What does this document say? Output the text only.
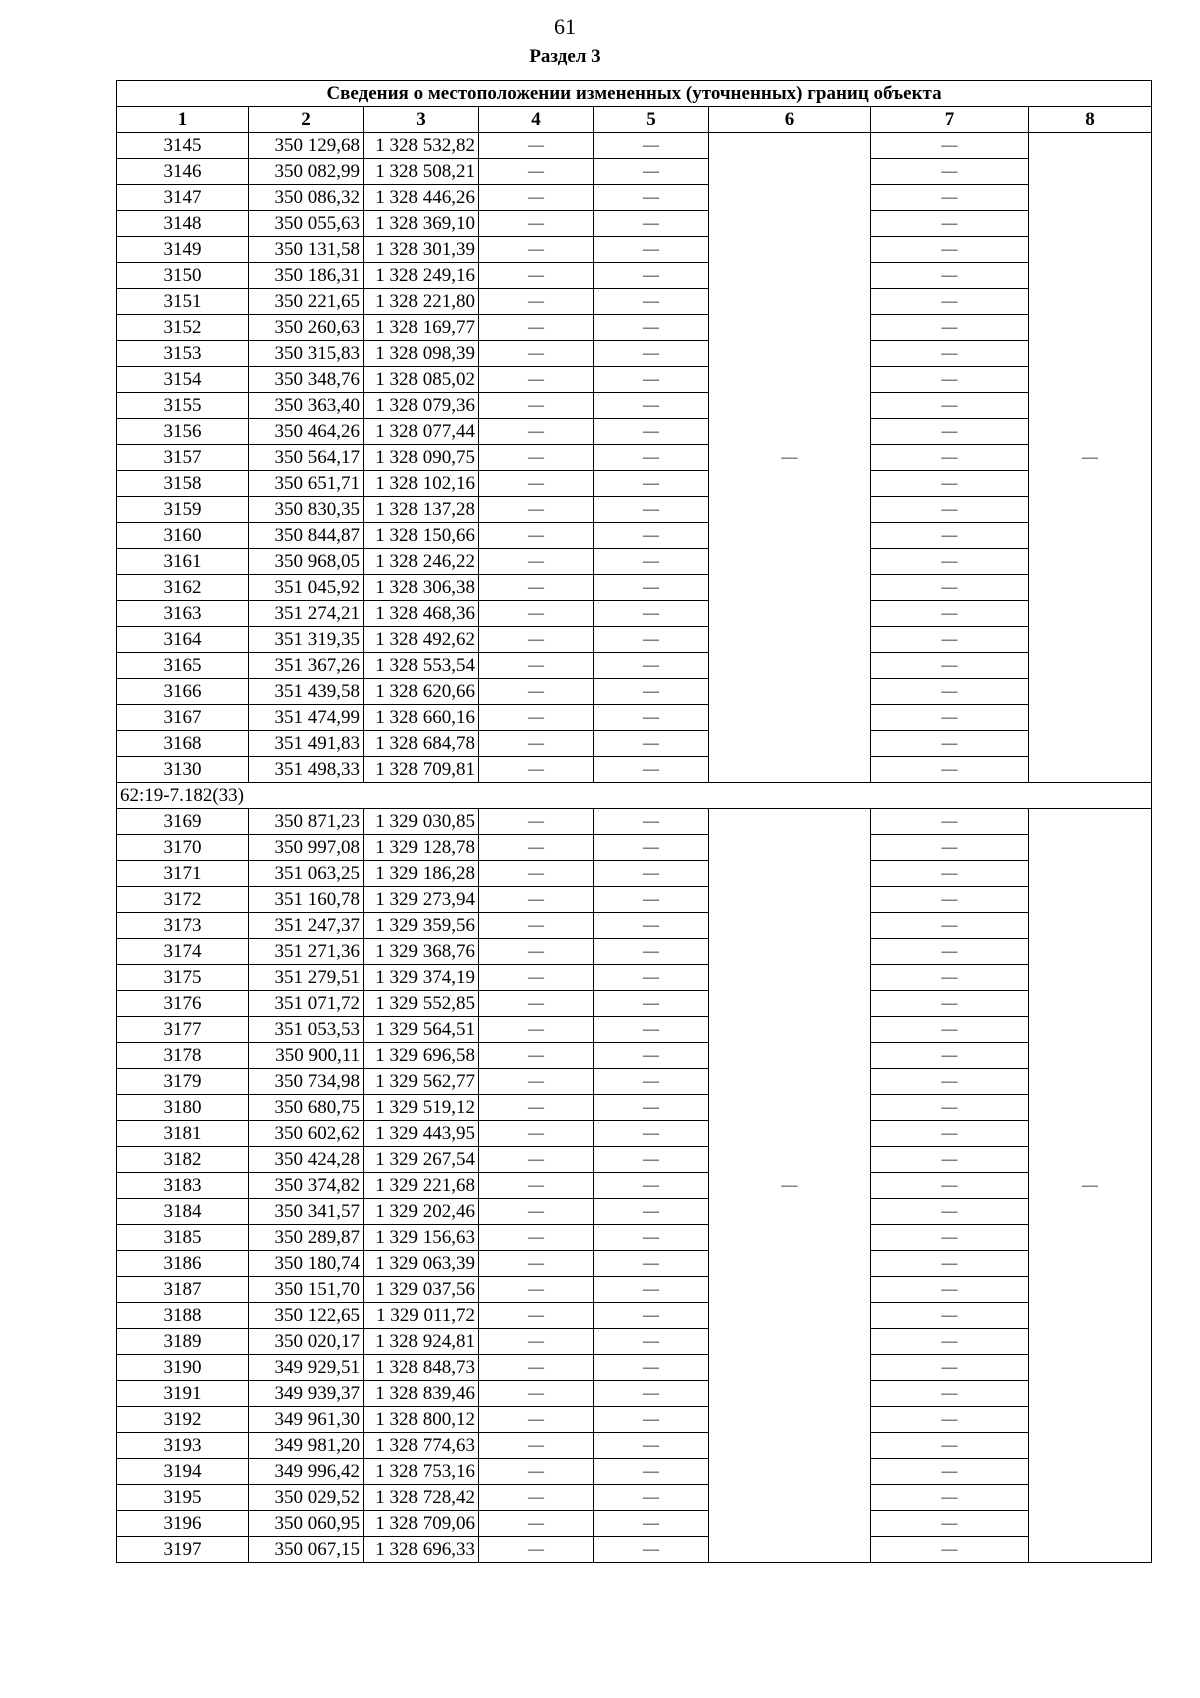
61
Раздел 3
Сведения о местоположении измененных (уточненных) границ объекта							
1	2	3	4	5	6	7	8
3145	350 129,68	1 328 532,82	—	—	—	—	—
3146	350 082,99	1 328 508,21	—	—		—	
3147	350 086,32	1 328 446,26	—	—		—	
3148	350 055,63	1 328 369,10	—	—		—	
3149	350 131,58	1 328 301,39	—	—		—	
3150	350 186,31	1 328 249,16	—	—		—	
3151	350 221,65	1 328 221,80	—	—		—	
3152	350 260,63	1 328 169,77	—	—		—	
3153	350 315,83	1 328 098,39	—	—		—	
3154	350 348,76	1 328 085,02	—	—		—	
3155	350 363,40	1 328 079,36	—	—		—	
3156	350 464,26	1 328 077,44	—	—		—	
3157	350 564,17	1 328 090,75	—	—		—	
3158	350 651,71	1 328 102,16	—	—		—	
3159	350 830,35	1 328 137,28	—	—		—	
3160	350 844,87	1 328 150,66	—	—		—	
3161	350 968,05	1 328 246,22	—	—		—	
3162	351 045,92	1 328 306,38	—	—		—	
3163	351 274,21	1 328 468,36	—	—		—	
3164	351 319,35	1 328 492,62	—	—		—	
3165	351 367,26	1 328 553,54	—	—		—	
3166	351 439,58	1 328 620,66	—	—		—	
3167	351 474,99	1 328 660,16	—	—		—	
3168	351 491,83	1 328 684,78	—	—		—	
3130	351 498,33	1 328 709,81	—	—		—	
62:19-7.182(33)							
3169	350 871,23	1 329 030,85	—	—	—	—	—
3170	350 997,08	1 329 128,78	—	—		—	
3171	351 063,25	1 329 186,28	—	—		—	
3172	351 160,78	1 329 273,94	—	—		—	
3173	351 247,37	1 329 359,56	—	—		—	
3174	351 271,36	1 329 368,76	—	—		—	
3175	351 279,51	1 329 374,19	—	—		—	
3176	351 071,72	1 329 552,85	—	—		—	
3177	351 053,53	1 329 564,51	—	—		—	
3178	350 900,11	1 329 696,58	—	—		—	
3179	350 734,98	1 329 562,77	—	—		—	
3180	350 680,75	1 329 519,12	—	—		—	
3181	350 602,62	1 329 443,95	—	—		—	
3182	350 424,28	1 329 267,54	—	—		—	
3183	350 374,82	1 329 221,68	—	—		—	
3184	350 341,57	1 329 202,46	—	—		—	
3185	350 289,87	1 329 156,63	—	—		—	
3186	350 180,74	1 329 063,39	—	—		—	
3187	350 151,70	1 329 037,56	—	—		—	
3188	350 122,65	1 329 011,72	—	—		—	
3189	350 020,17	1 328 924,81	—	—		—	
3190	349 929,51	1 328 848,73	—	—		—	
3191	349 939,37	1 328 839,46	—	—		—	
3192	349 961,30	1 328 800,12	—	—		—	
3193	349 981,20	1 328 774,63	—	—		—	
3194	349 996,42	1 328 753,16	—	—		—	
3195	350 029,52	1 328 728,42	—	—		—	
3196	350 060,95	1 328 709,06	—	—		—	
3197	350 067,15	1 328 696,33	—	—		—	
